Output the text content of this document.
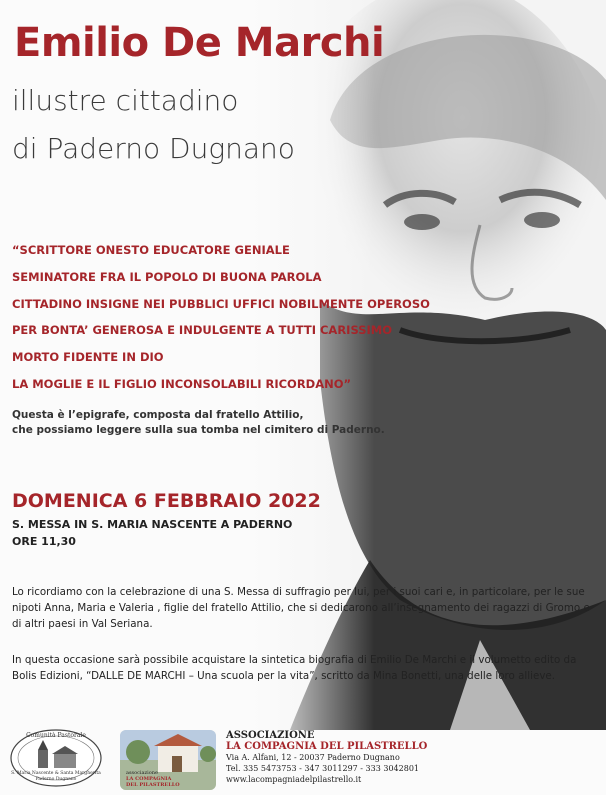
Emilio De Marchi
illustre cittadino
di Paderno Dugnano
“SCRITTORE ONESTO EDUCATORE GENIALE
SEMINATORE FRA IL POPOLO DI BUONA PAROLA
CITTADINO INSIGNE NEI PUBBLICI UFFICI NOBILMENTE OPEROSO
PER BONTA’ GENEROSA E INDULGENTE A TUTTI CARISSIMO
MORTO FIDENTE IN DIO
LA MOGLIE E IL FIGLIO INCONSOLABILI RICORDANO”
Questa è l’epigrafe, composta dal fratello Attilio,
che possiamo leggere sulla sua tomba nel cimitero di Paderno.
DOMENICA 6 FEBBRAIO 2022
S. MESSA IN S. MARIA NASCENTE A PADERNO
ORE 11,30
Lo ricordiamo con la celebrazione di una S. Messa di suffragio per lui, per i suoi cari e, in particolare, per le sue nipoti Anna, Maria e Valeria , figlie del fratello Attilio, che si dedicarono all’insegnamento dei ragazzi di Gromo e di altri paesi in Val Seriana.
In questa occasione sarà possibile acquistare la sintetica biografia di Emilio De Marchi e il volumetto edito da Bolis Edizioni, “DALLE DE MARCHI – Una scuola per la vita”, scritto da Mina Bonetti, una delle loro allieve.
Comunità Pastorale
S. Maria Nascente & Santa Margherita
Paderno Dugnano
associazione
LA COMPAGNIA
DEL PILASTRELLO
ASSOCIAZIONE
LA COMPAGNIA DEL PILASTRELLO
Via A. Alfani, 12 - 20037 Paderno Dugnano
Tel. 335 5473753 - 347 3011297 - 333 3042801
www.lacompagniadelpilastrello.it
